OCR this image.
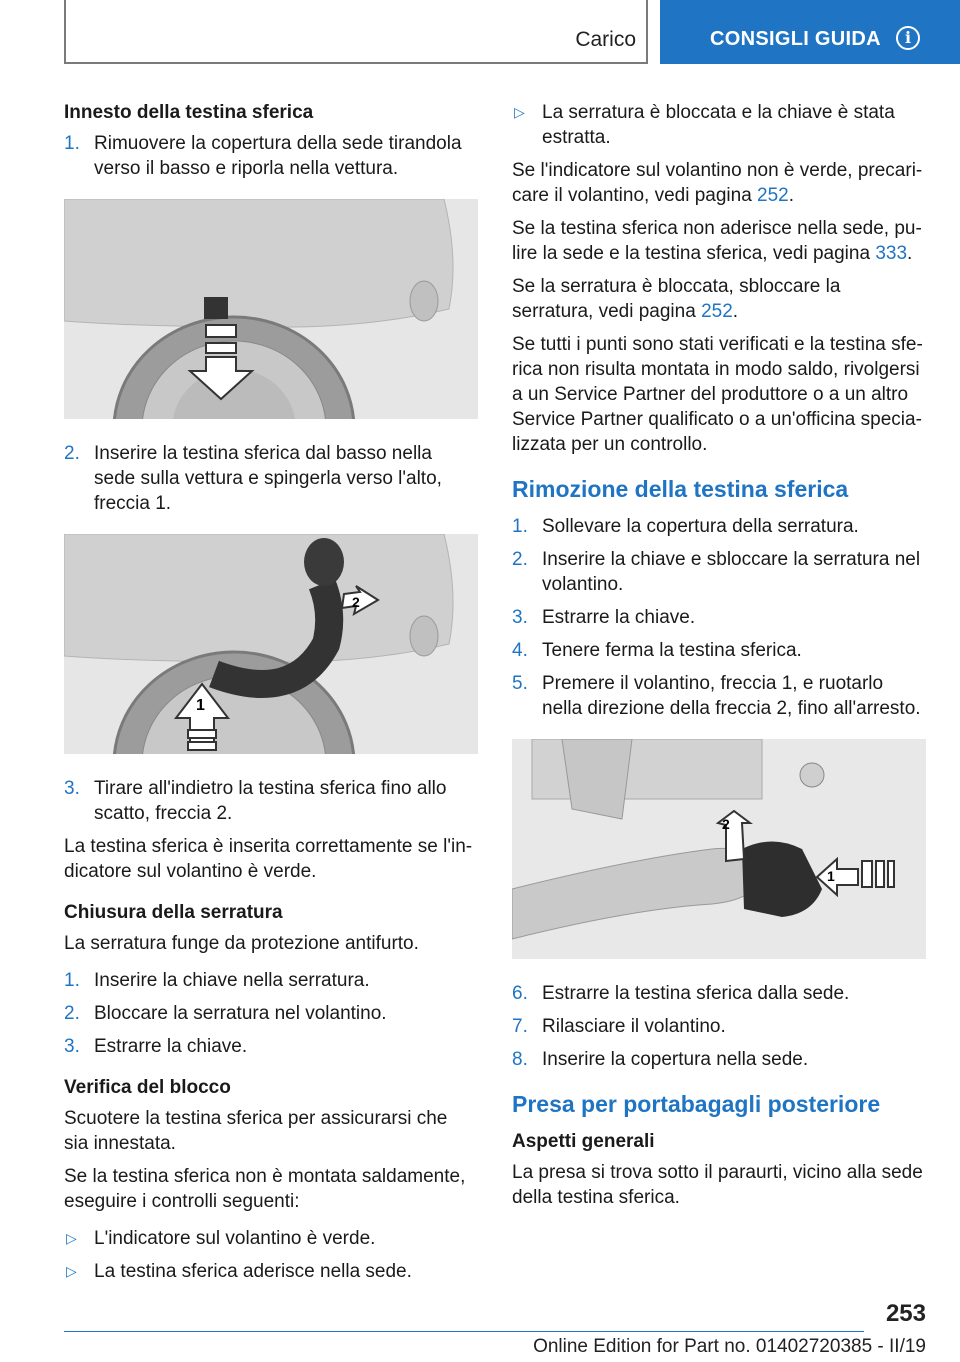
Carico	CONSIGLI GUIDA	i
Innesto della testina sferica
1. Rimuovere la copertura della sede tirandola verso il basso e riporla nella vettura.
2. Inserire la testina sferica dal basso nella sede sulla vettura e spingerla verso l'alto, freccia 1.
2
1
3. Tirare all'indietro la testina sferica fino allo scatto, freccia 2.

La testina sferica è inserita correttamente se l'indicatore sul volantino è verde.

Chiusura della serratura

La serratura funge da protezione antifurto.

1. Inserire la chiave nella serratura.
2. Bloccare la serratura nel volantino.
3. Estrarre la chiave.
Verifica del blocco

Scuotere la testina sferica per assicurarsi che sia innestata.

Se la testina sferica non è montata saldamente, eseguire i controlli seguenti:

▷ L'indicatore sul volantino è verde.
▷ La testina sferica aderisce nella sede.
▷ La serratura è bloccata e la chiave è stata estratta.

Se l'indicatore sul volantino non è verde, precaricare il volantino, vedi pagina 252.

Se la testina sferica non aderisce nella sede, pulire la sede e la testina sferica, vedi pagina 333.

Se la serratura è bloccata, sbloccare la serratura, vedi pagina 252.

Se tutti i punti sono stati verificati e la testina sferica non risulta montata in modo saldo, rivolgersi a un Service Partner del produttore o a un altro Service Partner qualificato o a un'officina specializzata per un controllo.

Rimozione della testina sferica
1. Sollevare la copertura della serratura.
2. Inserire la chiave e sbloccare la serratura nel volantino.
3. Estrarre la chiave.
4. Tenere ferma la testina sferica.
5. Premere il volantino, freccia 1, e ruotarlo nella direzione della freccia 2, fino all'arresto.
2
1
6. Estrarre la testina sferica dalla sede.
7. Rilasciare il volantino.
8. Inserire la copertura nella sede.
Presa per portabagagli posteriore
Aspetti generali

La presa si trova sotto il paraurti, vicino alla sede della testina sferica.

253
Online Edition for Part no. 01402720385 - II/19
